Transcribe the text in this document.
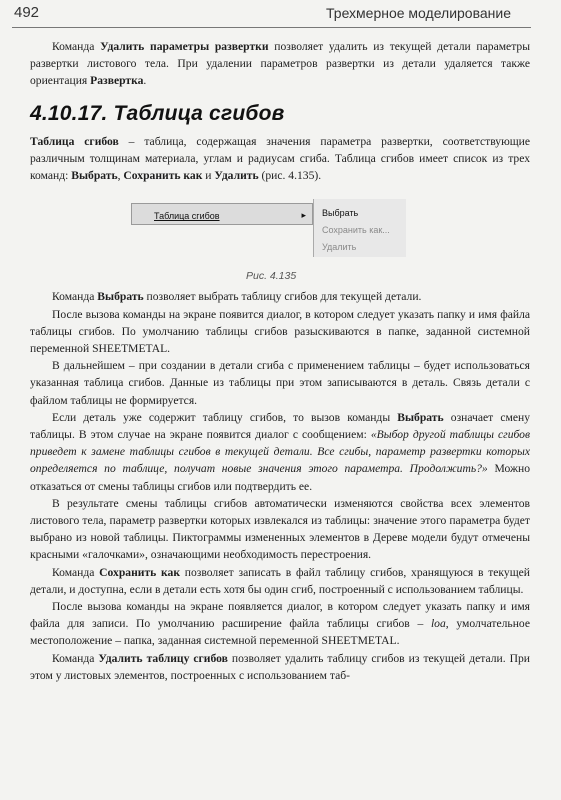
492	Трехмерное моделирование

Команда Удалить параметры развертки позволяет удалить из текущей детали параметры развертки листового тела. При удалении параметров развертки из детали удаляется также ориентация Развертка.

4.10.17. Таблица сгибов

Таблица сгибов – таблица, содержащая значения параметра развертки, соответствующие различным толщинам материала, углам и радиусам сгиба. Таблица сгибов имеет список из трех команд: Выбрать, Сохранить как и Удалить (рис. 4.135).

Таблица сгибов	▸ Выбрать
Сохранить как...
Удалить
Рис. 4.135

Команда Выбрать позволяет выбрать таблицу сгибов для текущей детали.

После вызова команды на экране появится диалог, в котором следует указать папку и имя файла таблицы сгибов. По умолчанию таблицы сгибов разыскиваются в папке, заданной системной переменной SHEETMETAL.

В дальнейшем – при создании в детали сгиба с применением таблицы – будет использоваться указанная таблица сгибов. Данные из таблицы при этом записываются в деталь. Связь детали с файлом таблицы не формируется.

Если деталь уже содержит таблицу сгибов, то вызов команды Выбрать означает смену таблицы. В этом случае на экране появится диалог с сообщением: «Выбор другой таблицы сгибов приведет к замене таблицы сгибов в текущей детали. Все сгибы, параметр развертки которых определяется по таблице, получат новые значения этого параметра. Продолжить?» Можно отказаться от смены таблицы сгибов или подтвердить ее.

В результате смены таблицы сгибов автоматически изменяются свойства всех элементов листового тела, параметр развертки которых извлекался из таблицы: значение этого параметра будет выбрано из новой таблицы. Пиктограммы измененных элементов в Дереве модели будут отмечены красными «галочками», означающими необходимость перестроения.

Команда Сохранить как позволяет записать в файл таблицу сгибов, хранящуюся в текущей детали, и доступна, если в детали есть хотя бы один сгиб, построенный с использованием таблицы.

После вызова команды на экране появляется диалог, в котором следует указать папку и имя файла для записи. По умолчанию расширение файла таблицы сгибов – loa, умолчательное местоположение – папка, заданная системной переменной SHEETMETAL.

Команда Удалить таблицу сгибов позволяет удалить таблицу сгибов из текущей детали. При этом у листовых элементов, построенных с использованием таб-
